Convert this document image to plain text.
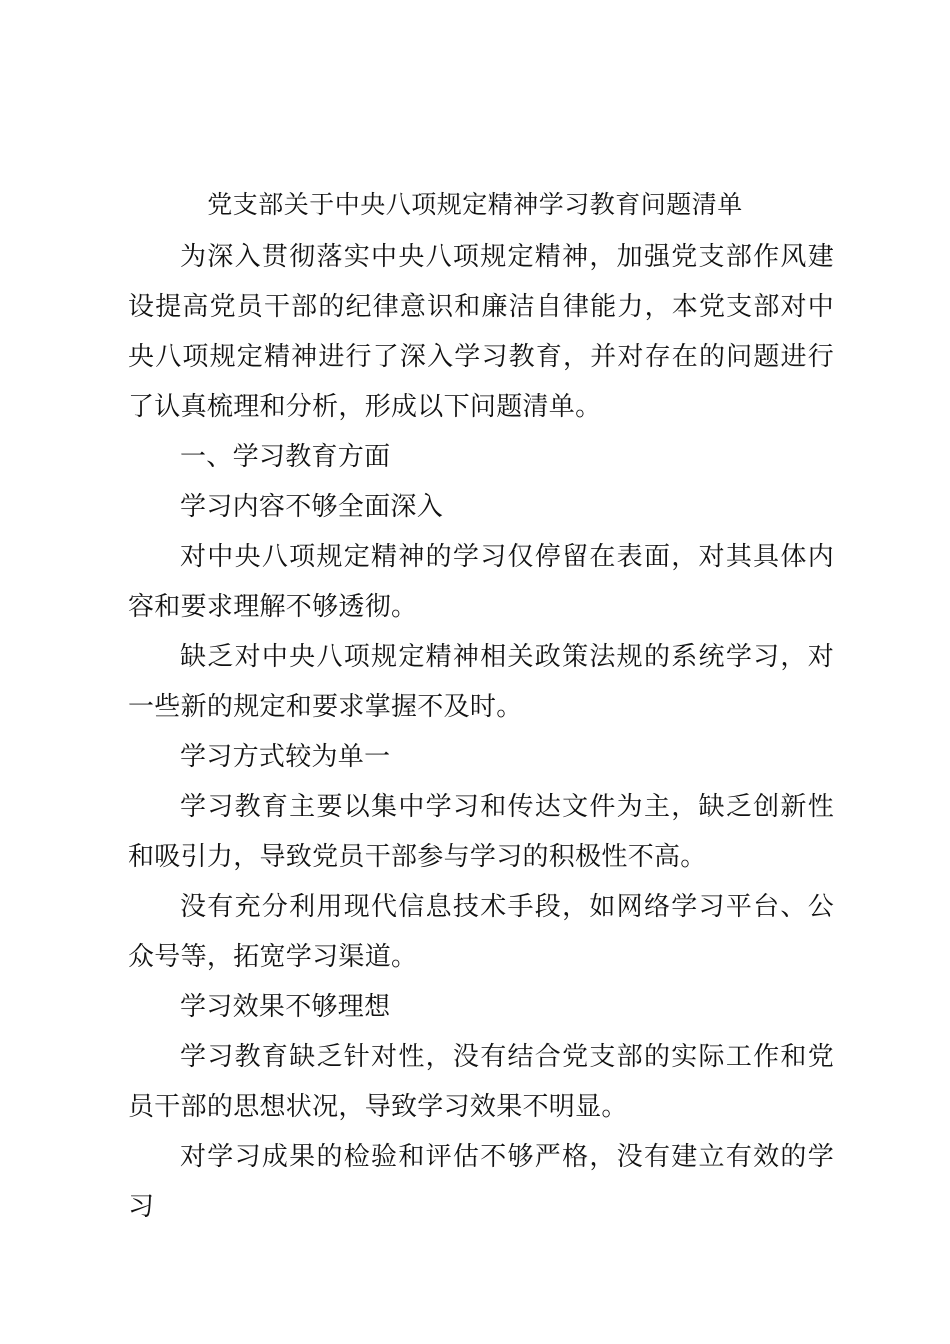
党支部关于中央八项规定精神学习教育问题清单

为深入贯彻落实中央八项规定精神，加强党支部作风建设提高党员干部的纪律意识和廉洁自律能力，本党支部对中央八项规定精神进行了深入学习教育，并对存在的问题进行了认真梳理和分析，形成以下问题清单。

一、学习教育方面

学习内容不够全面深入

对中央八项规定精神的学习仅停留在表面，对其具体内容和要求理解不够透彻。

缺乏对中央八项规定精神相关政策法规的系统学习，对一些新的规定和要求掌握不及时。

学习方式较为单一

学习教育主要以集中学习和传达文件为主，缺乏创新性和吸引力，导致党员干部参与学习的积极性不高。

没有充分利用现代信息技术手段，如网络学习平台、公众号等，拓宽学习渠道。

学习效果不够理想

学习教育缺乏针对性，没有结合党支部的实际工作和党员干部的思想状况，导致学习效果不明显。

对学习成果的检验和评估不够严格，没有建立有效的学习
